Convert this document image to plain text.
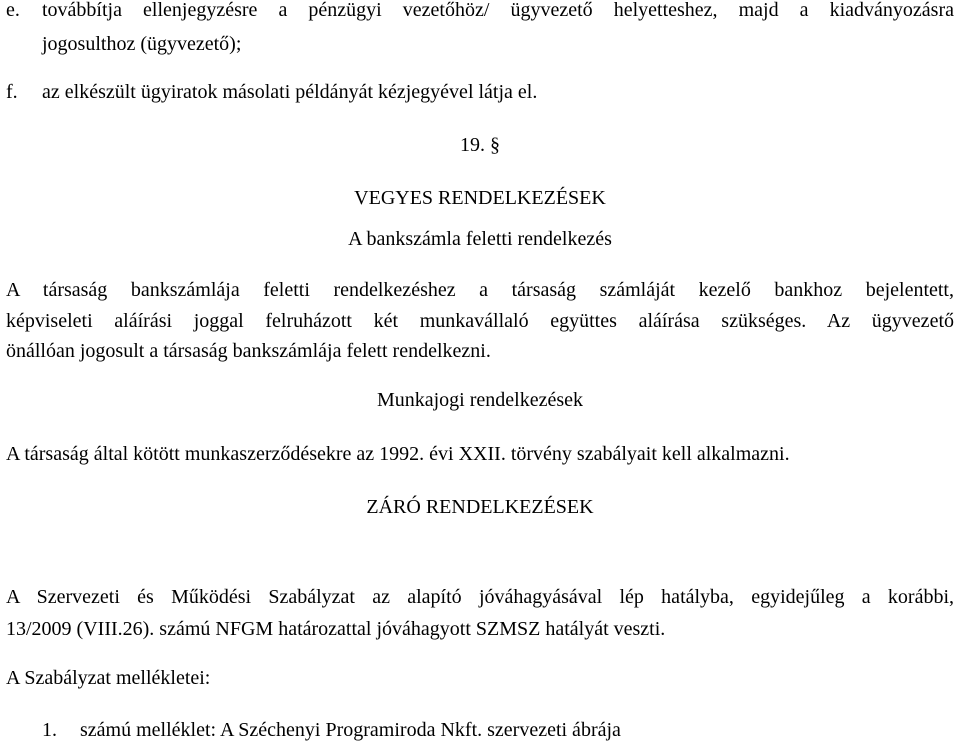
e. továbbítja ellenjegyzésre a pénzügyi vezetőhöz/ ügyvezető helyetteshez, majd a kiadványozásra
jogosulthoz (ügyvezető);
f. az elkészült ügyiratok másolati példányát kézjegyével látja el.
19. §
VEGYES RENDELKEZÉSEK
A bankszámla feletti rendelkezés
A társaság bankszámlája feletti rendelkezéshez a társaság számláját kezelő bankhoz bejelentett,
képviseleti aláírási joggal felruházott két munkavállaló együttes aláírása szükséges. Az ügyvezető
önállóan jogosult a társaság bankszámlája felett rendelkezni.
Munkajogi rendelkezések
A társaság által kötött munkaszerződésekre az 1992. évi XXII. törvény szabályait kell alkalmazni.
ZÁRÓ RENDELKEZÉSEK
A Szervezeti és Működési Szabályzat az alapító jóváhagyásával lép hatályba, egyidejűleg a korábbi,
13/2009 (VIII.26). számú NFGM határozattal jóváhagyott SZMSZ hatályát veszti.
A Szabályzat mellékletei:
1. számú melléklet: A Széchenyi Programiroda Nkft. szervezeti ábrája
